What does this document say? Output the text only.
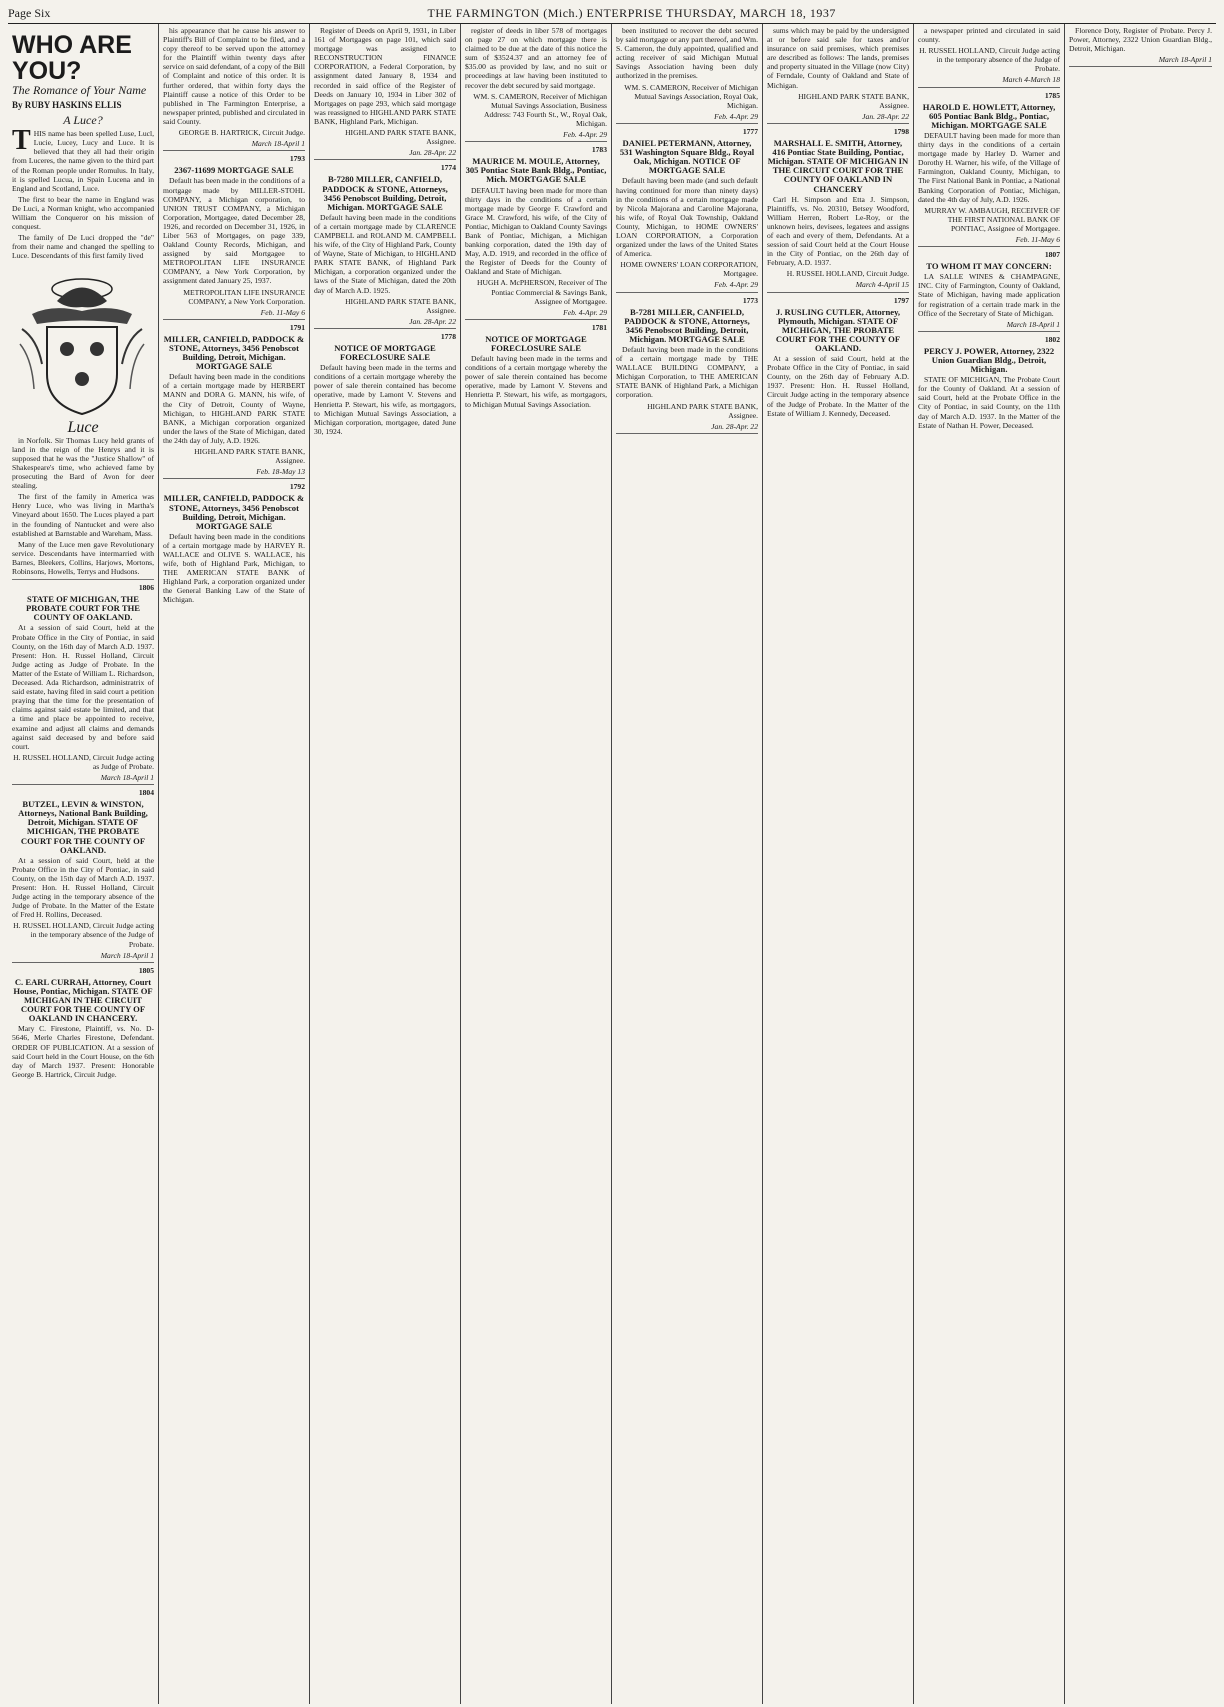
Page Six	THE FARMINGTON (Mich.) ENTERPRISE THURSDAY, MARCH 18, 1937
WHO ARE YOU?
The Romance of Your Name
By RUBY HASKINS ELLIS
A Luce?

THIS name has been spelled Luse, Lucl, Lucie, Lucey, Lucy and Luce. It is believed that they all had their origin from Luceres, the name given to the third part of the Roman people under Romulus. In Italy, it is spelled Lucua, in Spain Lucena and in England and Scotland, Luce.

The first to bear the name in England was De Luci, a Norman knight, who accompanied William the Conqueror on his mission of conquest.

The family of De Luci dropped the "de" from their name and changed the spelling to Luce. Descendants of this first family lived

Luce

in Norfolk. Sir Thomas Lucy held grants of land in the reign of the Henrys and it is supposed that he was the "Justice Shallow" of Shakespeare's time, who achieved fame by prosecuting the Bard of Avon for deer stealing.

The first of the family in America was Henry Luce, who was living in Martha's Vineyard about 1650. The Luces played a part in the founding of Nantucket and were also established at Barnstable and Wareham, Mass.

Many of the Luce men gave Revolutionary service. Descendants have intermarried with Barnes, Bleekers, Collins, Harjows, Mortons, Robinsons, Howells, Terrys and Hudsons.

1806

STATE OF MICHIGAN, THE PROBATE COURT FOR THE COUNTY OF OAKLAND.

At a session of said Court, held at the Probate Office in the City of Pontiac, in said County, on the 16th day of March A.D. 1937. Present: Hon. H. Russel Holland, Circuit Judge acting as Judge of Probate. In the Matter of the Estate of William L. Richardson, Deceased. Ada Richardson, administratrix of said estate, having filed in said court a petition praying that the time for the presentation of claims against said estate be limited, and that a time and place be appointed to receive, examine and adjust all claims and demands against said deceased by and before said court.

H. RUSSEL HOLLAND, Circuit Judge acting as Judge of Probate.

March 18-April 1

1804

BUTZEL, LEVIN & WINSTON, Attorneys, National Bank Building, Detroit, Michigan. STATE OF MICHIGAN, THE PROBATE COURT FOR THE COUNTY OF OAKLAND.

At a session of said Court, held at the Probate Office in the City of Pontiac, in said County, on the 15th day of March A.D. 1937. Present: Hon. H. Russel Holland, Circuit Judge acting in the temporary absence of the Judge of Probate. In the Matter of the Estate of Fred H. Rollins, Deceased.

H. RUSSEL HOLLAND, Circuit Judge acting in the temporary absence of the Judge of Probate.

March 18-April 1

1805

C. EARL CURRAH, Attorney, Court House, Pontiac, Michigan. STATE OF MICHIGAN IN THE CIRCUIT COURT FOR THE COUNTY OF OAKLAND IN CHANCERY.

Mary C. Firestone, Plaintiff, vs. No. D-5646, Merle Charles Firestone, Defendant. ORDER OF PUBLICATION. At a session of said Court held in the Court House, on the 6th day of March 1937. Present: Honorable George B. Hartrick, Circuit Judge.

his appearance that he cause his answer to Plaintiff's Bill of Complaint to be filed, and a copy thereof to be served upon the attorney for the Plaintiff within twenty days after service on said defendant, of a copy of the Bill of Complaint and notice of this order. It is further ordered, that within forty days the Plaintiff cause a notice of this Order to be published in The Farmington Enterprise, a newspaper printed, published and circulated in said County.

GEORGE B. HARTRICK, Circuit Judge.

March 18-April 1

1793

2367-11699 MORTGAGE SALE

Default has been made in the conditions of a mortgage made by MILLER-STOHL COMPANY, a Michigan corporation, to UNION TRUST COMPANY, a Michigan Corporation, Mortgagee, dated December 28, 1926, and recorded on December 31, 1926, in Liber 563 of Mortgages, on page 339, Oakland County Records, Michigan, and assigned by said Mortgagee to METROPOLITAN LIFE INSURANCE COMPANY, a New York Corporation, by assignment dated January 25, 1937.

METROPOLITAN LIFE INSURANCE COMPANY, a New York Corporation.

Feb. 11-May 6

1791

MILLER, CANFIELD, PADDOCK & STONE, Attorneys, 3456 Penobscot Building, Detroit, Michigan. MORTGAGE SALE

Default having been made in the conditions of a certain mortgage made by HERBERT MANN and DORA G. MANN, his wife, of the City of Detroit, County of Wayne, Michigan, to HIGHLAND PARK STATE BANK, a Michigan corporation organized under the laws of the State of Michigan, dated the 24th day of July, A.D. 1926.

HIGHLAND PARK STATE BANK, Assignee.

Feb. 18-May 13

1792

MILLER, CANFIELD, PADDOCK & STONE, Attorneys, 3456 Penobscot Building, Detroit, Michigan. MORTGAGE SALE

Default having been made in the conditions of a certain mortgage made by HARVEY R. WALLACE and OLIVE S. WALLACE, his wife, both of Highland Park, Michigan, to THE AMERICAN STATE BANK of Highland Park, a corporation organized under the General Banking Law of the State of Michigan.

Register of Deeds on April 9, 1931, in Liber 161 of Mortgages on page 101, which said mortgage was assigned to RECONSTRUCTION FINANCE CORPORATION, a Federal Corporation, by assignment dated January 8, 1934 and recorded in said office of the Register of Deeds on January 10, 1934 in Liber 302 of Mortgages on page 293, which said mortgage was reassigned to HIGHLAND PARK STATE BANK, Highland Park, Michigan.

HIGHLAND PARK STATE BANK, Assignee.

Jan. 28-Apr. 22

1774

B-7280 MILLER, CANFIELD, PADDOCK & STONE, Attorneys, 3456 Penobscot Building, Detroit, Michigan. MORTGAGE SALE

Default having been made in the conditions of a certain mortgage made by CLARENCE CAMPBELL and ROLAND M. CAMPBELL his wife, of the City of Highland Park, County of Wayne, State of Michigan, to HIGHLAND PARK STATE BANK, of Highland Park Michigan, a corporation organized under the laws of the State of Michigan, dated the 20th day of March A.D. 1925.

HIGHLAND PARK STATE BANK, Assignee.

Jan. 28-Apr. 22

1778

NOTICE OF MORTGAGE FORECLOSURE SALE

Default having been made in the terms and conditions of a certain mortgage whereby the power of sale therein contained has become operative, made by Lamont V. Stevens and Henrietta P. Stewart, his wife, as mortgagors, to Michigan Mutual Savings Association, a Michigan corporation, mortgagee, dated June 30, 1924.

register of deeds in liber 578 of mortgages on page 27 on which mortgage there is claimed to be due at the date of this notice the sum of $3524.37 and an attorney fee of $35.00 as provided by law, and no suit or proceedings at law having been instituted to recover the debt secured by said mortgage.

WM. S. CAMERON, Receiver of Michigan Mutual Savings Association, Business Address: 743 Fourth St., W., Royal Oak, Michigan.

Feb. 4-Apr. 29

1783

MAURICE M. MOULE, Attorney, 305 Pontiac State Bank Bldg., Pontiac, Mich. MORTGAGE SALE

DEFAULT having been made for more than thirty days in the conditions of a certain mortgage made by George F. Crawford and Grace M. Crawford, his wife, of the City of Pontiac, Michigan to Oakland County Savings Bank of Pontiac, Michigan, a Michigan banking corporation, dated the 19th day of May, A.D. 1919, and recorded in the office of the Register of Deeds for the County of Oakland and State of Michigan.

HUGH A. McPHERSON, Receiver of The Pontiac Commercial & Savings Bank, Assignee of Mortgagee.

Feb. 4-Apr. 29

1781

NOTICE OF MORTGAGE FORECLOSURE SALE

Default having been made in the terms and conditions of a certain mortgage whereby the power of sale therein contained has become operative, made by Lamont V. Stevens and Henrietta P. Stewart, his wife, as mortgagors, to Michigan Mutual Savings Association.

been instituted to recover the debt secured by said mortgage or any part thereof, and Wm. S. Cameron, the duly appointed, qualified and acting receiver of said Michigan Mutual Savings Association having been duly authorized in the premises.

WM. S. CAMERON, Receiver of Michigan Mutual Savings Association, Royal Oak, Michigan.

Feb. 4-Apr. 29

1777

DANIEL PETERMANN, Attorney, 531 Washington Square Bldg., Royal Oak, Michigan. NOTICE OF MORTGAGE SALE

Default having been made (and such default having continued for more than ninety days) in the conditions of a certain mortgage made by Nicola Majorana and Caroline Majorana, his wife, of Royal Oak Township, Oakland County, Michigan, to HOME OWNERS' LOAN CORPORATION, a Corporation organized under the laws of the United States of America.

HOME OWNERS' LOAN CORPORATION, Mortgagee.

Feb. 4-Apr. 29

1773

B-7281 MILLER, CANFIELD, PADDOCK & STONE, Attorneys, 3456 Penobscot Building, Detroit, Michigan. MORTGAGE SALE

Default having been made in the conditions of a certain mortgage made by THE WALLACE BUILDING COMPANY, a Michigan Corporation, to THE AMERICAN STATE BANK of Highland Park, a Michigan corporation.

HIGHLAND PARK STATE BANK, Assignee.

Jan. 28-Apr. 22

sums which may be paid by the undersigned at or before said sale for taxes and/or insurance on said premises, which premises are described as follows: The lands, premises and property situated in the Village (now City) of Ferndale, County of Oakland and State of Michigan.

HIGHLAND PARK STATE BANK, Assignee.

Jan. 28-Apr. 22

1798

MARSHALL E. SMITH, Attorney, 416 Pontiac State Building, Pontiac, Michigan. STATE OF MICHIGAN IN THE CIRCUIT COURT FOR THE COUNTY OF OAKLAND IN CHANCERY

Carl H. Simpson and Etta J. Simpson, Plaintiffs, vs. No. 20310, Betsey Woodford, William Herren, Robert Le-Roy, or the unknown heirs, devisees, legatees and assigns of each and every of them, Defendants. At a session of said Court held at the Court House in the City of Pontiac, on the 26th day of February, A.D. 1937.

H. RUSSEL HOLLAND, Circuit Judge.

March 4-April 15

1797

J. RUSLING CUTLER, Attorney, Plymouth, Michigan. STATE OF MICHIGAN, THE PROBATE COURT FOR THE COUNTY OF OAKLAND.

At a session of said Court, held at the Probate Office in the City of Pontiac, in said County, on the 26th day of February A.D. 1937. Present: Hon. H. Russel Holland, Circuit Judge acting in the temporary absence of the Judge of Probate. In the Matter of the Estate of William J. Kennedy, Deceased.

a newspaper printed and circulated in said county.

H. RUSSEL HOLLAND, Circuit Judge acting in the temporary absence of the Judge of Probate.

March 4-March 18

1785

HAROLD E. HOWLETT, Attorney, 605 Pontiac Bank Bldg., Pontiac, Michigan. MORTGAGE SALE

DEFAULT having been made for more than thirty days in the conditions of a certain mortgage made by Harley D. Warner and Dorothy H. Warner, his wife, of the Village of Farmington, Oakland County, Michigan, to The First National Bank in Pontiac, a National Banking Corporation of Pontiac, Michigan, dated the 4th day of July, A.D. 1926.

MURRAY W. AMBAUGH, RECEIVER OF THE FIRST NATIONAL BANK OF PONTIAC, Assignee of Mortgagee.

Feb. 11-May 6

1807

TO WHOM IT MAY CONCERN:

LA SALLE WINES & CHAMPAGNE, INC. City of Farmington, County of Oakland, State of Michigan, having made application for registration of a certain trade mark in the Office of the Secretary of State of Michigan.

March 18-April 1

1802

PERCY J. POWER, Attorney, 2322 Union Guardian Bldg., Detroit, Michigan.

STATE OF MICHIGAN, The Probate Court for the County of Oakland. At a session of said Court, held at the Probate Office in the City of Pontiac, in said County, on the 11th day of March A.D. 1937. In the Matter of the Estate of Nathan H. Power, Deceased.

Florence Doty, Register of Probate. Percy J. Power, Attorney, 2322 Union Guardian Bldg., Detroit, Michigan.

March 18-April 1
